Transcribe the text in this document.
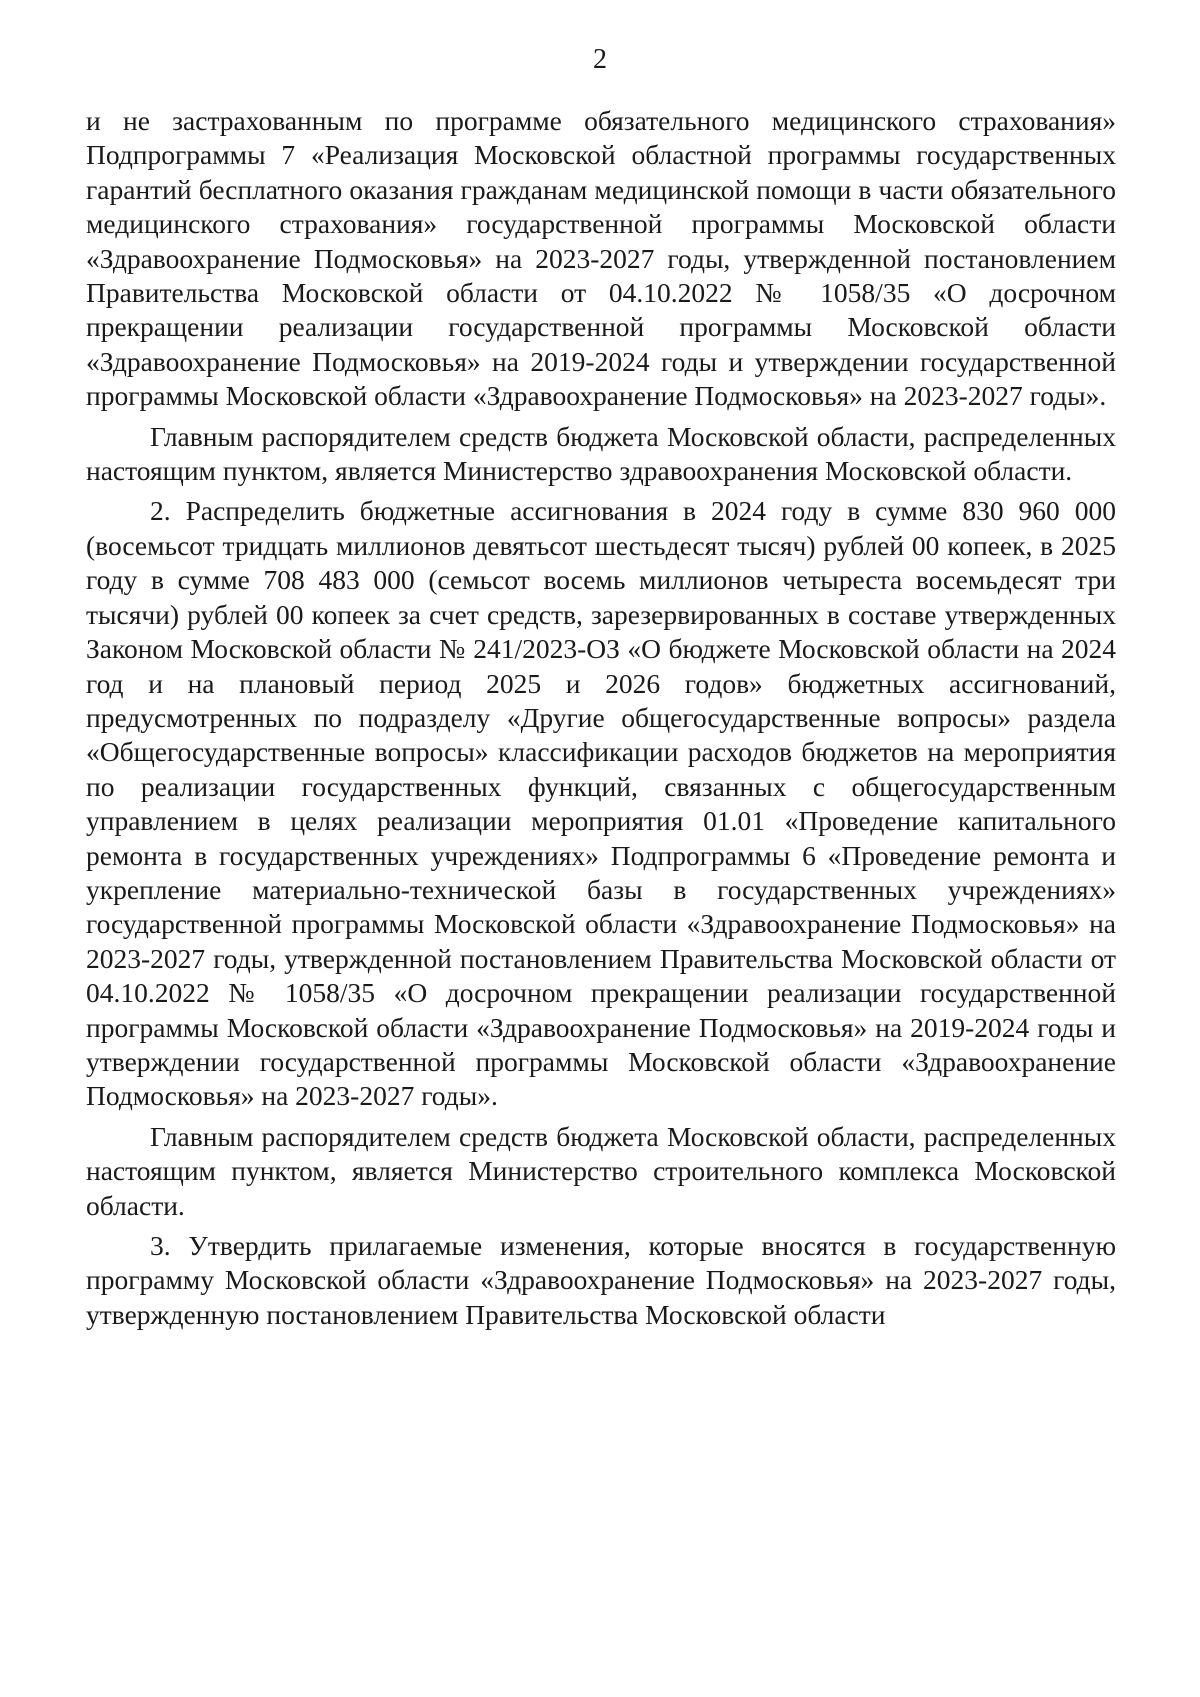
2

и не застрахованным по программе обязательного медицинского страхования» Подпрограммы 7 «Реализация Московской областной программы государственных гарантий бесплатного оказания гражданам медицинской помощи в части обязательного медицинского страхования» государственной программы Московской области «Здравоохранение Подмосковья» на 2023-2027 годы, утвержденной постановлением Правительства Московской области от 04.10.2022 № 1058/35 «О досрочном прекращении реализации государственной программы Московской области «Здравоохранение Подмосковья» на 2019-2024 годы и утверждении государственной программы Московской области «Здравоохранение Подмосковья» на 2023-2027 годы».

Главным распорядителем средств бюджета Московской области, распределенных настоящим пунктом, является Министерство здравоохранения Московской области.

2. Распределить бюджетные ассигнования в 2024 году в сумме 830 960 000 (восемьсот тридцать миллионов девятьсот шестьдесят тысяч) рублей 00 копеек, в 2025 году в сумме 708 483 000 (семьсот восемь миллионов четыреста восемьдесят три тысячи) рублей 00 копеек за счет средств, зарезервированных в составе утвержденных Законом Московской области № 241/2023-ОЗ «О бюджете Московской области на 2024 год и на плановый период 2025 и 2026 годов» бюджетных ассигнований, предусмотренных по подразделу «Другие общегосударственные вопросы» раздела «Общегосударственные вопросы» классификации расходов бюджетов на мероприятия по реализации государственных функций, связанных с общегосударственным управлением в целях реализации мероприятия 01.01 «Проведение капитального ремонта в государственных учреждениях» Подпрограммы 6 «Проведение ремонта и укрепление материально-технической базы в государственных учреждениях» государственной программы Московской области «Здравоохранение Подмосковья» на 2023-2027 годы, утвержденной постановлением Правительства Московской области от 04.10.2022 № 1058/35 «О досрочном прекращении реализации государственной программы Московской области «Здравоохранение Подмосковья» на 2019-2024 годы и утверждении государственной программы Московской области «Здравоохранение Подмосковья» на 2023-2027 годы».

Главным распорядителем средств бюджета Московской области, распределенных настоящим пунктом, является Министерство строительного комплекса Московской области.

3. Утвердить прилагаемые изменения, которые вносятся в государственную программу Московской области «Здравоохранение Подмосковья» на 2023-2027 годы, утвержденную постановлением Правительства Московской области
